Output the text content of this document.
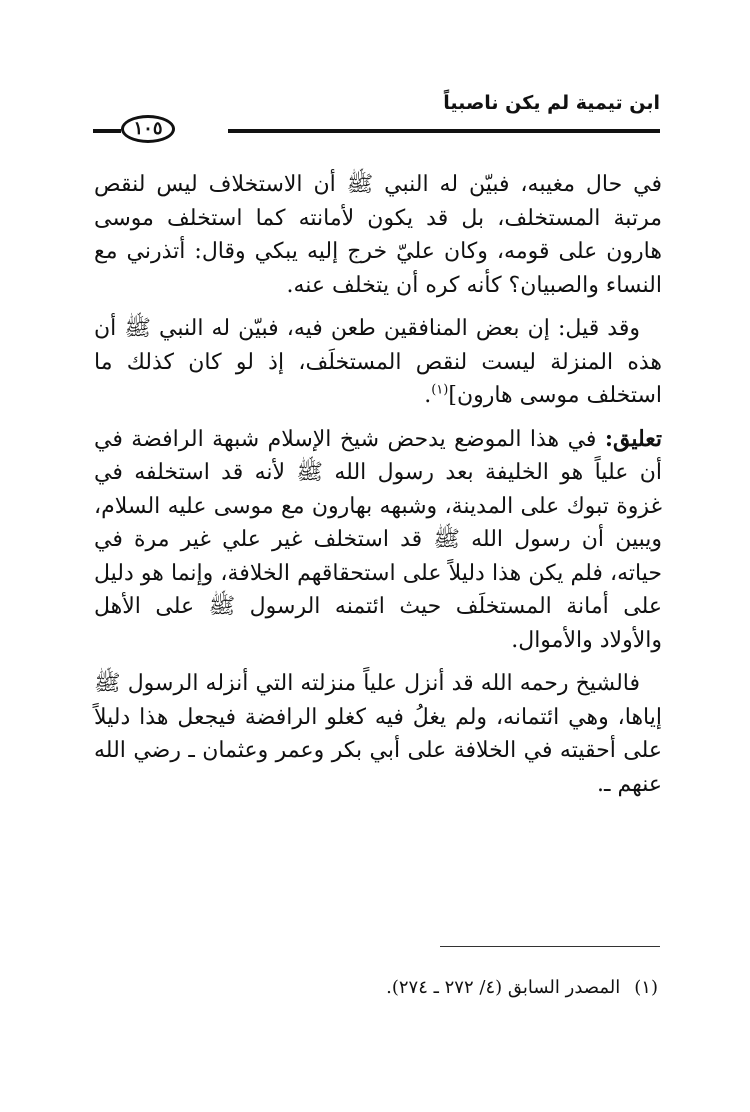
ابن تيمية لم يكن ناصبياً
١٠٥

في حال مغيبه، فبيّن له النبي ﷺ أن الاستخلاف ليس لنقص مرتبة المستخلف، بل قد يكون لأمانته كما استخلف موسى هارون على قومه، وكان عليّ خرج إليه يبكي وقال: أتذرني مع النساء والصبيان؟ كأنه كره أن يتخلف عنه.

وقد قيل: إن بعض المنافقين طعن فيه، فبيّن له النبي ﷺ أن هذه المنزلة ليست لنقص المستخلَف، إذ لو كان كذلك ما استخلف موسى هارون]$^{(١)}$.

تعليق: في هذا الموضع يدحض شيخ الإسلام شبهة الرافضة في أن علياً هو الخليفة بعد رسول الله ﷺ لأنه قد استخلفه في غزوة تبوك على المدينة، وشبهه بهارون مع موسى عليه السلام، ويبين أن رسول الله ﷺ قد استخلف غير علي غير مرة في حياته، فلم يكن هذا دليلاً على استحقاقهم الخلافة، وإنما هو دليل على أمانة المستخلَف حيث ائتمنه الرسول ﷺ على الأهل والأولاد والأموال.

فالشيخ رحمه الله قد أنزل علياً منزلته التي أنزله الرسول ﷺ إياها، وهي ائتمانه، ولم يغلُ فيه كغلو الرافضة فيجعل هذا دليلاً على أحقيته في الخلافة على أبي بكر وعمر وعثمان ـ رضي الله عنهم ـ.

(١)المصدر السابق (٤/ ٢٧٢ ـ ٢٧٤).
